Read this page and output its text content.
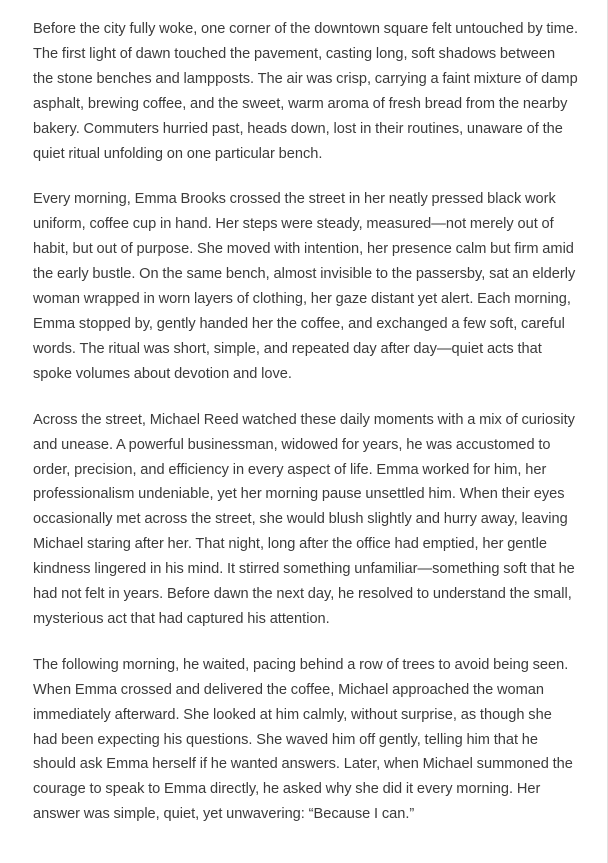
Before the city fully woke, one corner of the downtown square felt untouched by time. The first light of dawn touched the pavement, casting long, soft shadows between the stone benches and lampposts. The air was crisp, carrying a faint mixture of damp asphalt, brewing coffee, and the sweet, warm aroma of fresh bread from the nearby bakery. Commuters hurried past, heads down, lost in their routines, unaware of the quiet ritual unfolding on one particular bench.

Every morning, Emma Brooks crossed the street in her neatly pressed black work uniform, coffee cup in hand. Her steps were steady, measured—not merely out of habit, but out of purpose. She moved with intention, her presence calm but firm amid the early bustle. On the same bench, almost invisible to the passersby, sat an elderly woman wrapped in worn layers of clothing, her gaze distant yet alert. Each morning, Emma stopped by, gently handed her the coffee, and exchanged a few soft, careful words. The ritual was short, simple, and repeated day after day—quiet acts that spoke volumes about devotion and love.

Across the street, Michael Reed watched these daily moments with a mix of curiosity and unease. A powerful businessman, widowed for years, he was accustomed to order, precision, and efficiency in every aspect of life. Emma worked for him, her professionalism undeniable, yet her morning pause unsettled him. When their eyes occasionally met across the street, she would blush slightly and hurry away, leaving Michael staring after her. That night, long after the office had emptied, her gentle kindness lingered in his mind. It stirred something unfamiliar—something soft that he had not felt in years. Before dawn the next day, he resolved to understand the small, mysterious act that had captured his attention.

The following morning, he waited, pacing behind a row of trees to avoid being seen. When Emma crossed and delivered the coffee, Michael approached the woman immediately afterward. She looked at him calmly, without surprise, as though she had been expecting his questions. She waved him off gently, telling him that he should ask Emma herself if he wanted answers. Later, when Michael summoned the courage to speak to Emma directly, he asked why she did it every morning. Her answer was simple, quiet, yet unwavering: “Because I can.”
